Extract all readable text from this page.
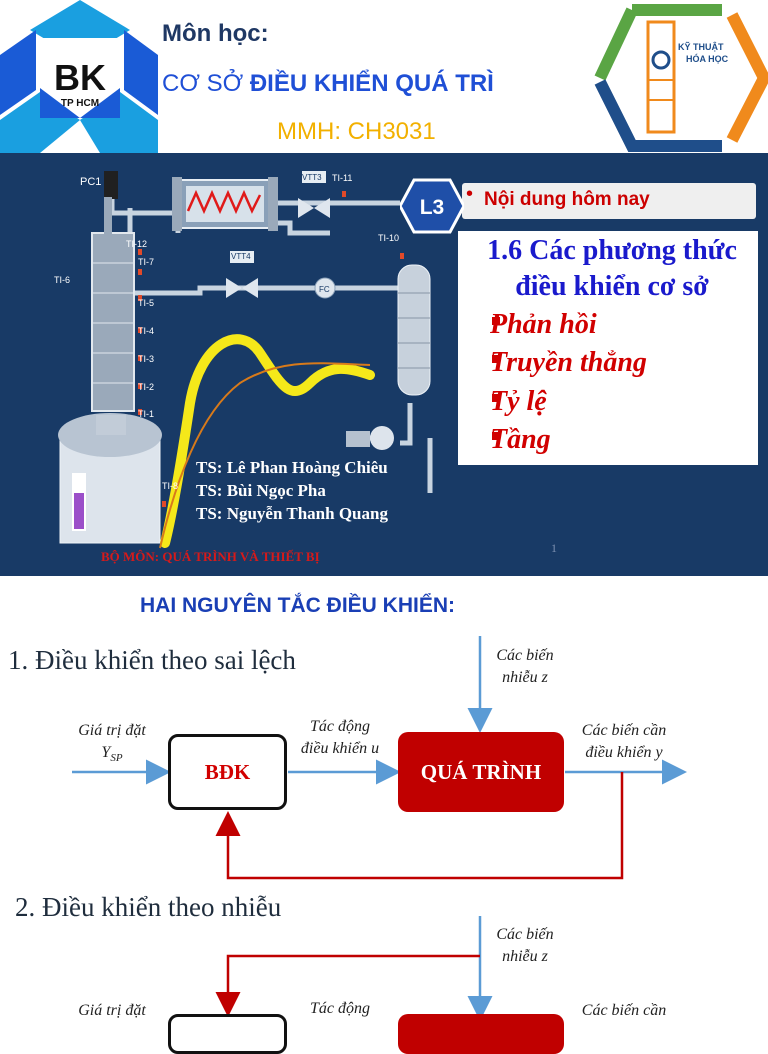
BK
TP HCM
Môn học:
CƠ SỞ ĐIỀU KHIỂN QUÁ TRÌ
MMH: CH3031
KỸ THUẬT
HÓA HỌC
PC1	VTT3 TI-11
TI-12
TI-7
TI-6
TI-5
TI-4
TI-3
TI-2
TI-1
TI-8
TI-10
VTT4
FC
L3
• Nội dung hôm nay
1.6 Các phương thức điều khiển cơ sở
Phản hồi
Truyền thẳng
Tỷ lệ
Tầng
TS: Lê Phan Hoàng Chiêu
TS: Bùi Ngọc Pha
TS: Nguyễn Thanh Quang
BỘ MÔN: QUÁ TRÌNH VÀ THIẾT BỊ
1
HAI NGUYÊN TẮC ĐIỀU KHIỂN:
1. Điều khiển theo sai lệch	Các biến
nhiễu z
Giá trị đặt
$Y_{SP}$
Tác động
điều khiển u
Các biến cần
điều khiển y
BĐK	QUÁ TRÌNH
2. Điều khiển theo nhiễu
Các biến
nhiễu z
Giá trị đặt	Tác động	Các biến cần
